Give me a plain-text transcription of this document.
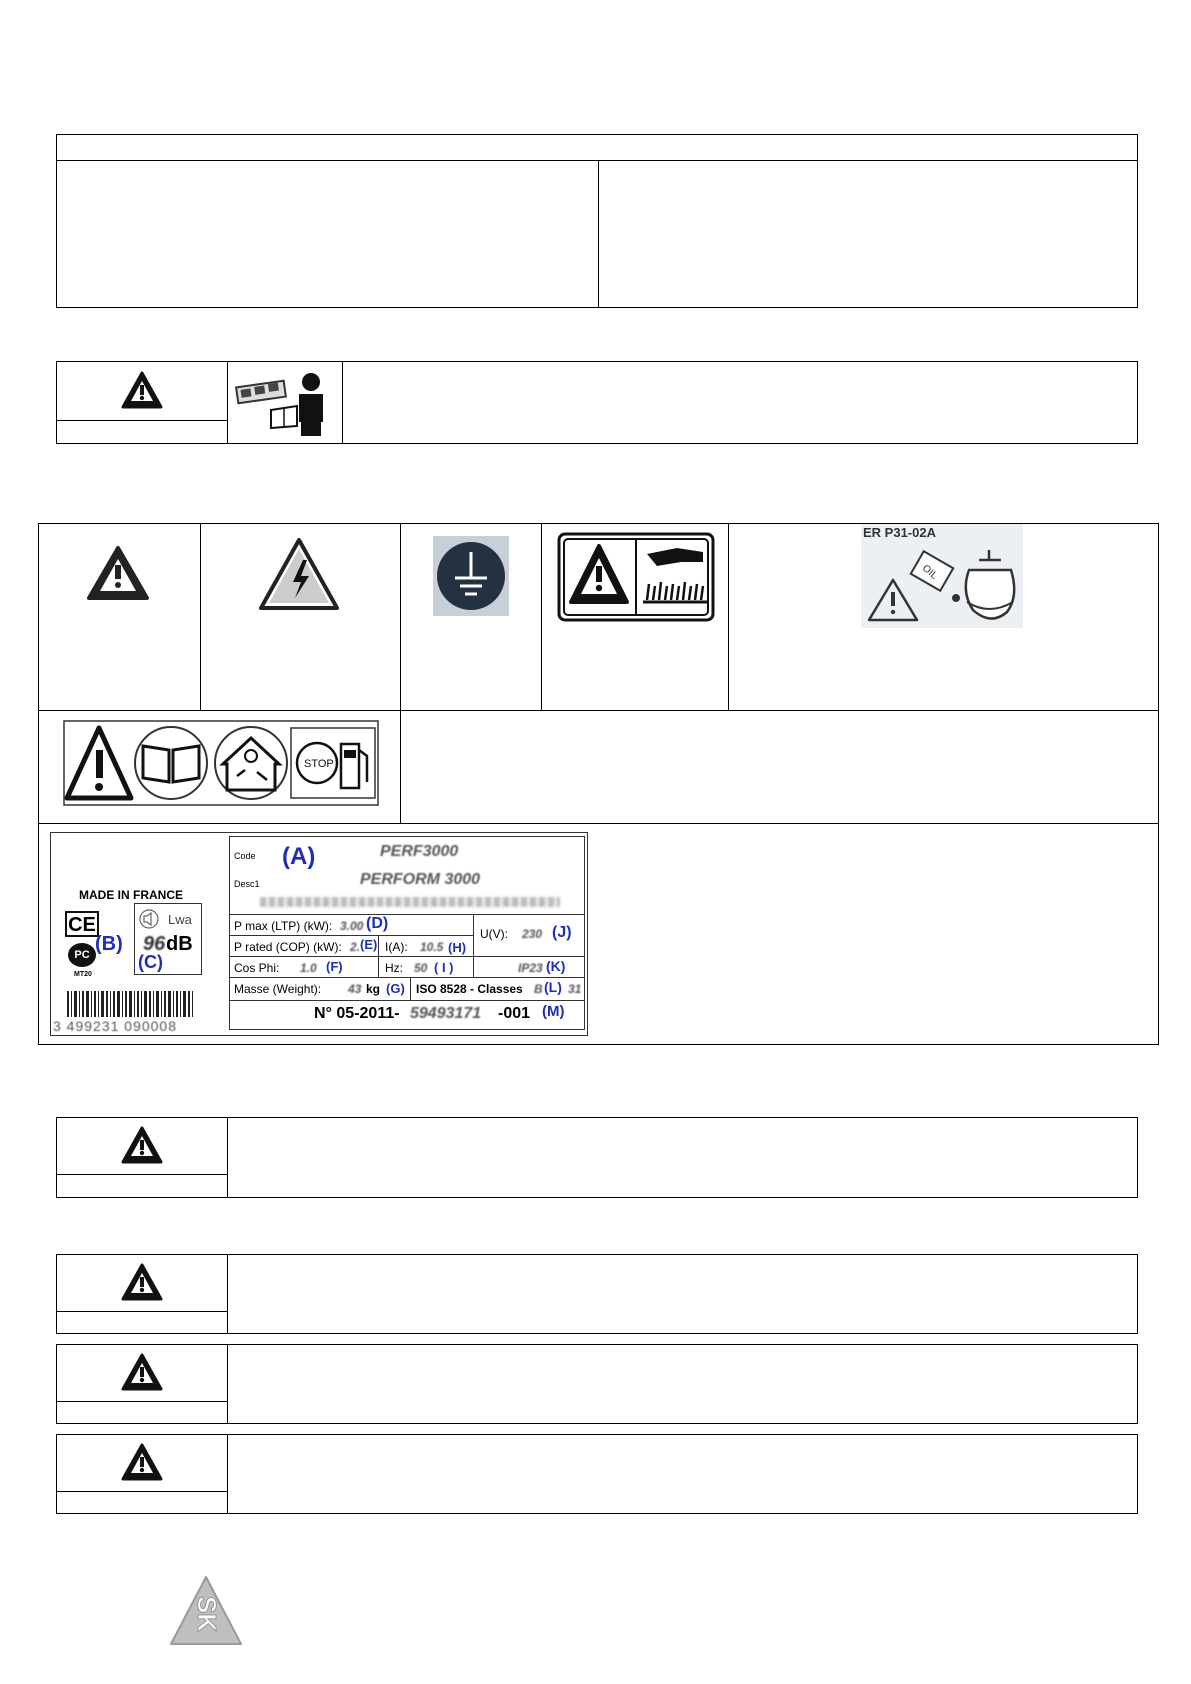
ER P31-02A
OIL
STOP
MADE IN FRANCE
CE
PC
MT20
(B)
Lwa
96 dB
(C)
3 499231 090008
Code (A)	PERF3000
Desc1	PERFORM 3000
P max (LTP) (kW): 3.00 (D)
P rated (COP) (kW): 2. (E) I(A): 10.5 (H)
U(V): 230 (J)
Cos Phi: 1.0 (F)	Hz: 50 ( I )	IP23 (K)
Masse (Weight): 43 kg (G) ISO 8528 - Classes B (L) 31
N° 05-2011- 59493171 -001 (M)
SK
